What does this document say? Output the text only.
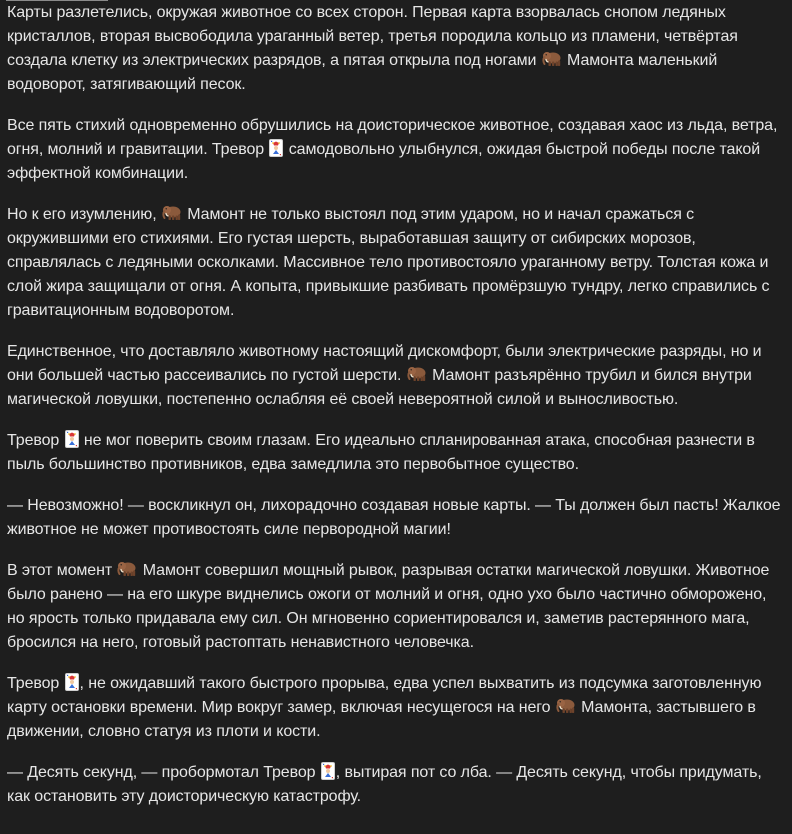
Карты разлетелись, окружая животное со всех сторон. Первая карта взорвалась снопом ледяных кристаллов, вторая высвободила ураганный ветер, третья породила кольцо из пламени, четвёртая создала клетку из электрических разрядов, а пятая открыла под ногами
Мамонта маленький водоворот, затягивающий песок.

Все пять стихий одновременно обрушились на доисторическое животное, создавая хаос из льда, ветра, огня, молний и гравитации. Тревор
самодовольно улыбнулся, ожидая быстрой победы после такой эффектной комбинации.

Но к его изумлению,
Мамонт не только выстоял под этим ударом, но и начал сражаться с окружившими его стихиями. Его густая шерсть, выработавшая защиту от сибирских морозов, справлялась с ледяными осколками. Массивное тело противостояло ураганному ветру. Толстая кожа и слой жира защищали от огня. А копыта, привыкшие разбивать промёрзшую тундру, легко справились с гравитационным водоворотом.

Единственное, что доставляло животному настоящий дискомфорт, были электрические разряды, но и они большей частью рассеивались по густой шерсти.
Мамонт разъярённо трубил и бился внутри магической ловушки, постепенно ослабляя её своей невероятной силой и выносливостью.

Тревор
не мог поверить своим глазам. Его идеально спланированная атака, способная разнести в пыль большинство противников, едва замедлила это первобытное существо.

— Невозможно! — воскликнул он, лихорадочно создавая новые карты. — Ты должен был пасть! Жалкое животное не может противостоять силе первородной магии!

В этот момент
Мамонт совершил мощный рывок, разрывая остатки магической ловушки. Животное было ранено — на его шкуре виднелись ожоги от молний и огня, одно ухо было частично обморожено, но ярость только придавала ему сил. Он мгновенно сориентировался и, заметив растерянного мага, бросился на него, готовый растоптать ненавистного человечка.

Тревор
, не ожидавший такого быстрого прорыва, едва успел выхватить из подсумка заготовленную карту остановки времени. Мир вокруг замер, включая несущегося на него
Мамонта, застывшего в движении, словно статуя из плоти и кости.

— Десять секунд, — пробормотал Тревор
, вытирая пот со лба. — Десять секунд, чтобы придумать, как остановить эту доисторическую катастрофу.
